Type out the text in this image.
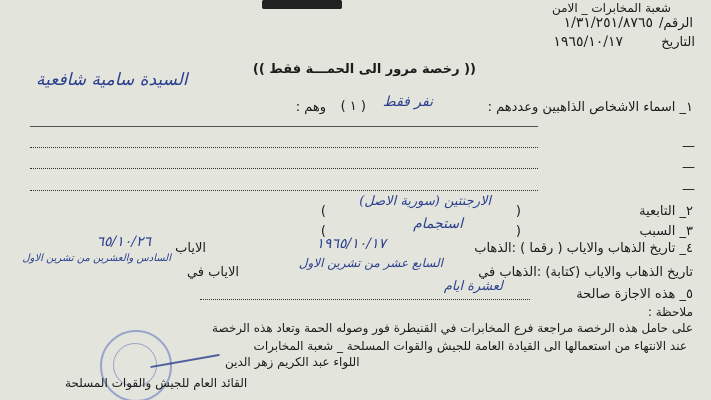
شعبة المخابرات _ الامن
الرقم/
١/٣١/٢٥١/٨٧٦٥
التاريخ
١٩٦٥/١٠/١٧
السيدة سامية شافعية
(( رخصة مرور الى الحمـــة فقط ))
١_ اسماء الاشخاص الذاهبين وعددهم :
نفر فقط
( ١ )
وهم :
—
—
—
٢_ التابعية
(
الارجنتين (سورية الاصل)
)
٣_ السبب
(
استجمام
)
٤_ تاريخ الذهاب والاياب ( رقما ) :الذهاب
١٩٦٥/١٠/١٧
الاياب
٦٥/١٠/٢٦
تاريخ الذهاب والاياب (كتابة) :الذهاب في
السابع عشر من تشرين الاول
الاياب في
السادس والعشرين من تشرين الاول
٥_ هذه الاجازة صالحة
لعشرة ايام
ملاحظة :
على حامل هذه الرخصة مراجعة فرع المخابرات في القنيطرة فور وصوله الحمة وتعاد هذه الرخصة
عند الانتهاء من استعمالها الى القيادة العامة للجيش والقوات المسلحة _ شعبة المخابرات
اللواء عبد الكريم زهر الدين
القائد العام للجيش والقوات المسلحة
